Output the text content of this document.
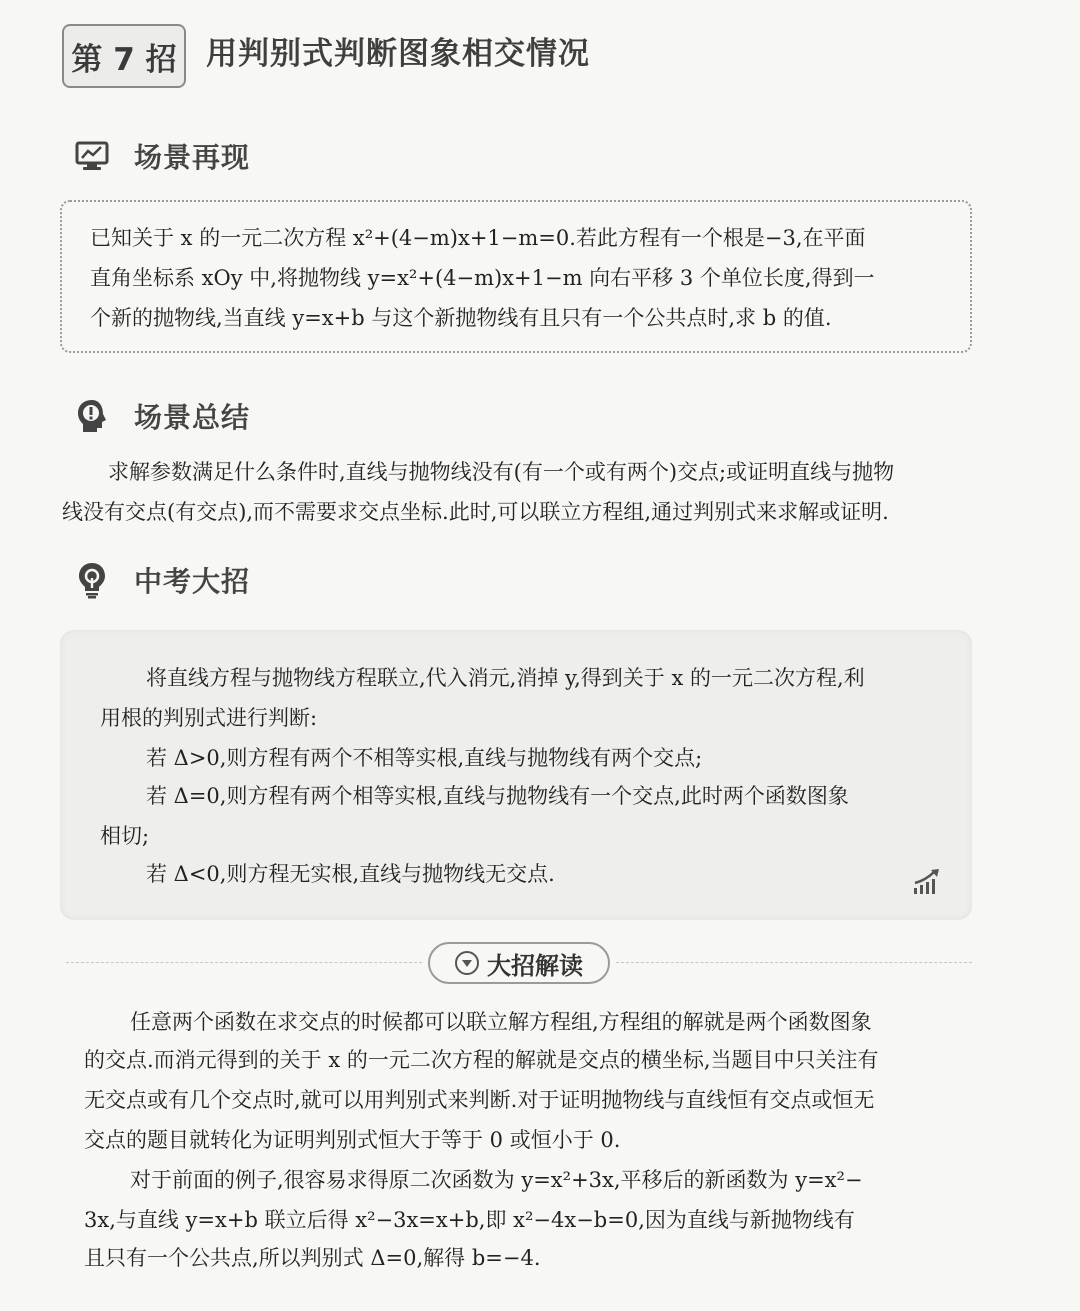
第 7 招 用判别式判断图象相交情况
场景再现
已知关于 x 的一元二次方程 x²+(4−m)x+1−m=0.若此方程有一个根是−3,在平面
直角坐标系 xOy 中,将抛物线 y=x²+(4−m)x+1−m 向右平移 3 个单位长度,得到一
个新的抛物线,当直线 y=x+b 与这个新抛物线有且只有一个公共点时,求 b 的值.
场景总结
求解参数满足什么条件时,直线与抛物线没有(有一个或有两个)交点;或证明直线与抛物
线没有交点(有交点),而不需要求交点坐标.此时,可以联立方程组,通过判别式来求解或证明.
中考大招
将直线方程与抛物线方程联立,代入消元,消掉 y,得到关于 x 的一元二次方程,利
用根的判别式进行判断:
若 Δ>0,则方程有两个不相等实根,直线与抛物线有两个交点;
若 Δ=0,则方程有两个相等实根,直线与抛物线有一个交点,此时两个函数图象
相切;
若 Δ<0,则方程无实根,直线与抛物线无交点.
大招解读
任意两个函数在求交点的时候都可以联立解方程组,方程组的解就是两个函数图象
的交点.而消元得到的关于 x 的一元二次方程的解就是交点的横坐标,当题目中只关注有
无交点或有几个交点时,就可以用判别式来判断.对于证明抛物线与直线恒有交点或恒无
交点的题目就转化为证明判别式恒大于等于 0 或恒小于 0.
对于前面的例子,很容易求得原二次函数为 y=x²+3x,平移后的新函数为 y=x²−
3x,与直线 y=x+b 联立后得 x²−3x=x+b,即 x²−4x−b=0,因为直线与新抛物线有
且只有一个公共点,所以判别式 Δ=0,解得 b=−4.
